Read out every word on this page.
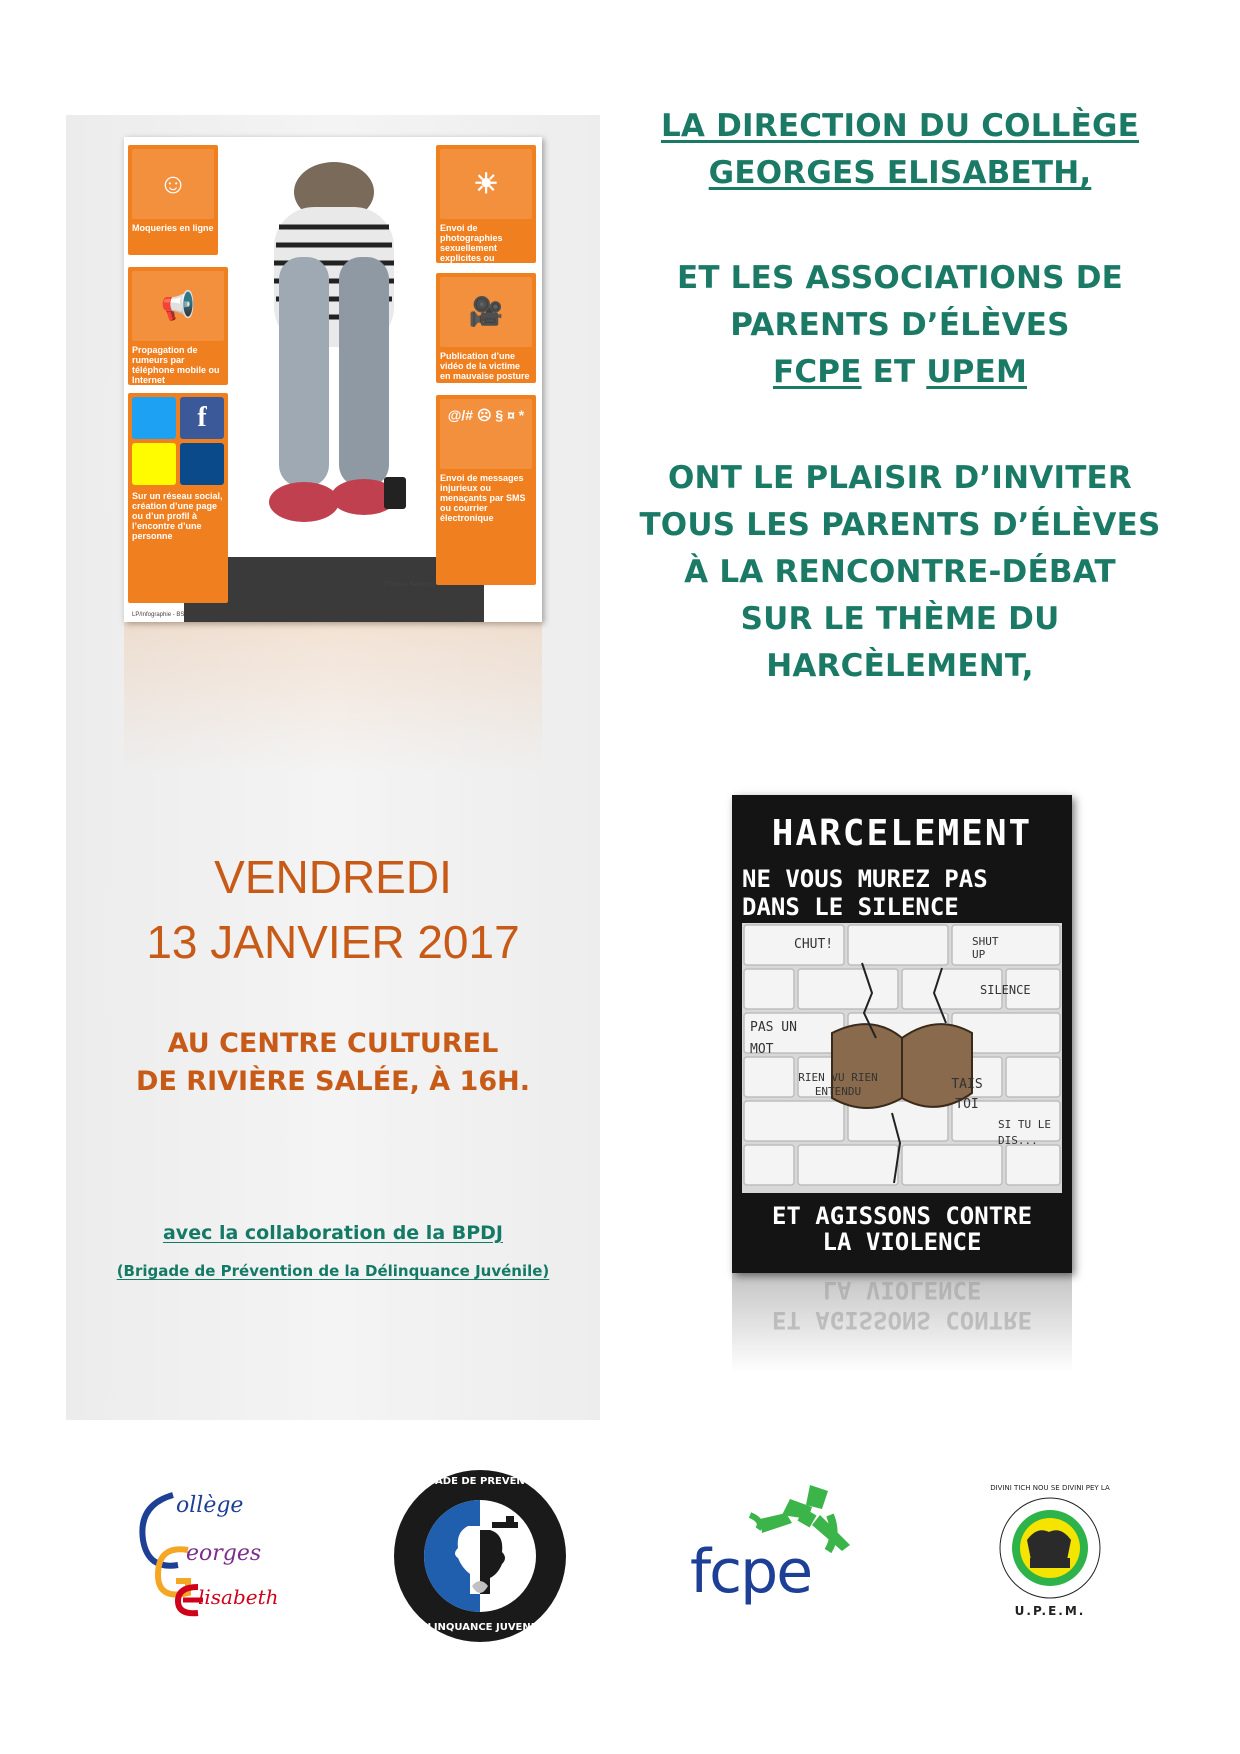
☺
Moqueries en ligne
☀
Envoi de photographies sexuellement explicites ou humiliantes
📢
Propagation de rumeurs par téléphone mobile ou Internet
🎥
Publication d’une vidéo de la victime en mauvaise posture
f
Sur un réseau social, création d’une page ou d’un profil à l’encontre d’une personne
@/# ☹ § ¤ *
Envoi de messages injurieux ou menaçants par SMS ou courrier électronique
(Thomas Salomon)
LP/Infographie - BS
LA DIRECTION DU COLLÈGE
GEORGES ELISABETH,
ET LES ASSOCIATIONS DE
PARENTS D’ÉLÈVES
FCPE ET UPEM
ONT LE PLAISIR D’INVITER
TOUS LES PARENTS D’ÉLÈVES
À LA RENCONTRE-DÉBAT
SUR LE THÈME DU
HARCÈLEMENT,
VENDREDI
13 JANVIER 2017
AU CENTRE CULTUREL
DE RIVIÈRE SALÉE, À 16H.
avec la collaboration de la BPDJ
(Brigade de Prévention de la Délinquance Juvénile)
HARCELEMENT
NE VOUS MUREZ PAS
DANS LE SILENCE
CHUT!	SHUT UP
SILENCE
PAS UN MOT
RIEN VU RIEN ENTENDU	TAIS TOI
SI TU LE DIS...
ET AGISSONS CONTRE
LA VIOLENCE
LA VIOLENCE
ET AGISSONS CONTRE
ollège
eorges
lisabeth
BRIGADE DE PREVENTION
DELINQUANCE JUVENILE
fcpe
DIVINI TICH NOU SE DIVINI PEY LA
U.P.E.M.
